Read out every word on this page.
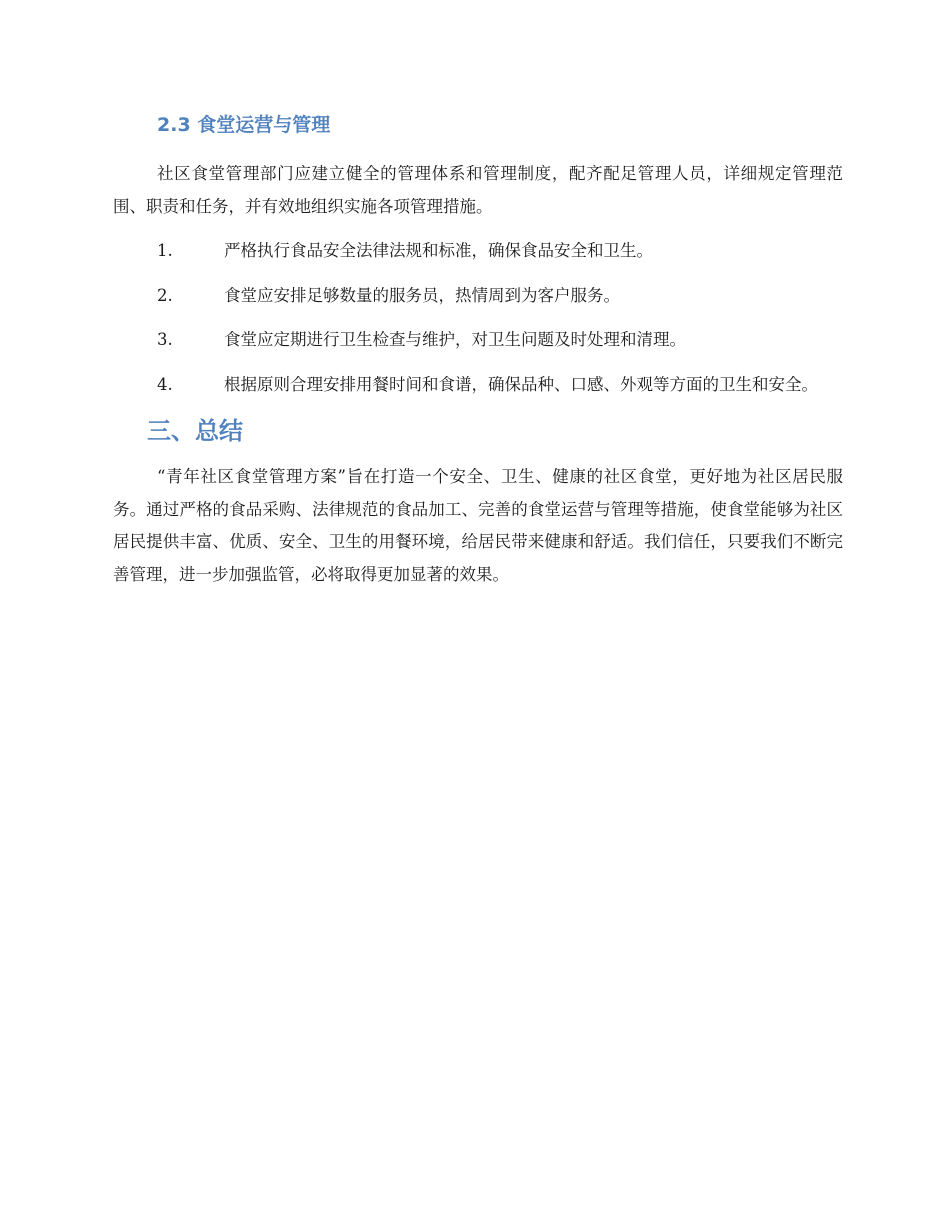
2.3 食堂运营与管理

社区食堂管理部门应建立健全的管理体系和管理制度，配齐配足管理人员，详细规定管理范围、职责和任务，并有效地组织实施各项管理措施。

1.	严格执行食品安全法律法规和标准，确保食品安全和卫生。
2.	食堂应安排足够数量的服务员，热情周到为客户服务。
3.	食堂应定期进行卫生检查与维护，对卫生问题及时处理和清理。
4.	根据原则合理安排用餐时间和食谱，确保品种、口感、外观等方面的卫生和安全。
三、总结

“青年社区食堂管理方案”旨在打造一个安全、卫生、健康的社区食堂，更好地为社区居民服务。通过严格的食品采购、法律规范的食品加工、完善的食堂运营与管理等措施，使食堂能够为社区居民提供丰富、优质、安全、卫生的用餐环境，给居民带来健康和舒适。我们信任，只要我们不断完善管理，进一步加强监管，必将取得更加显著的效果。
